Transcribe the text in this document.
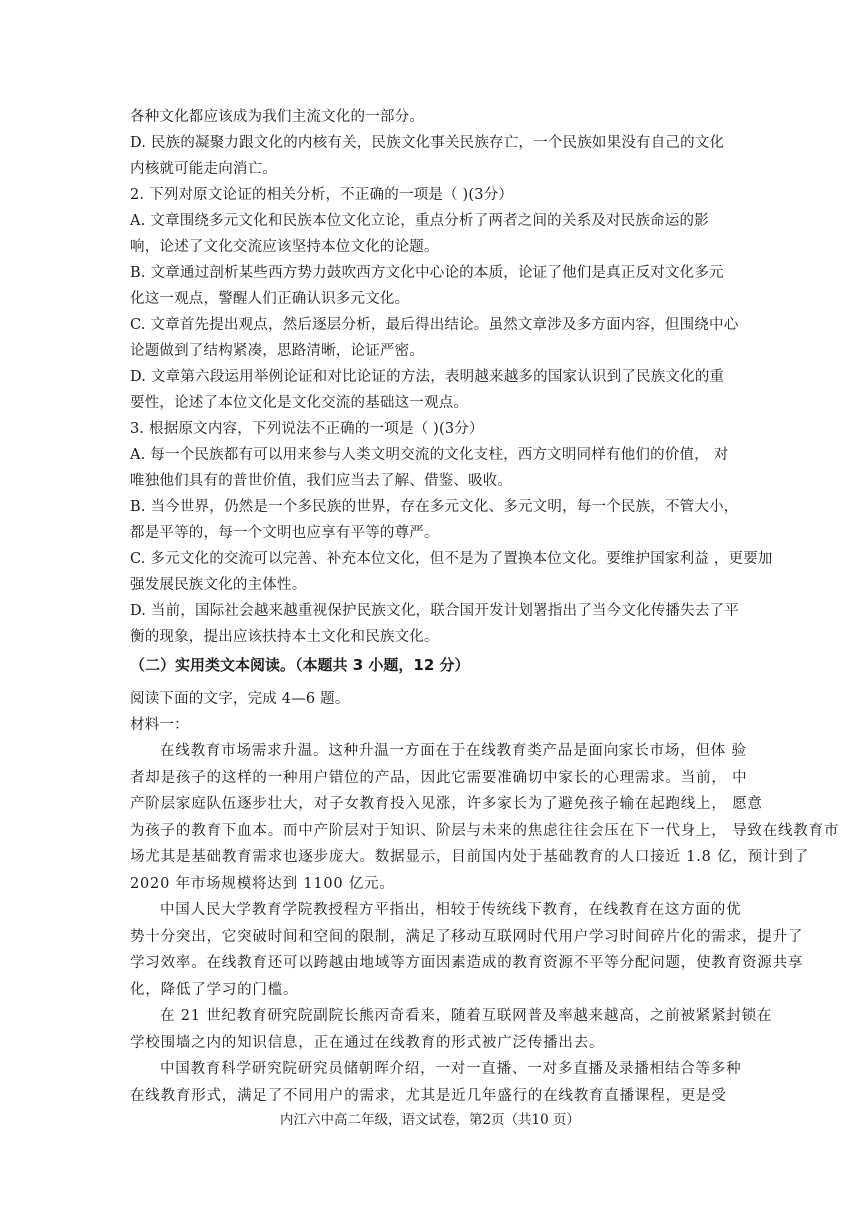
各种文化都应该成为我们主流文化的一部分。
D. 民族的凝聚力跟文化的内核有关，民族文化事关民族存亡，一个民族如果没有自己的文化
内核就可能走向消亡。
2. 下列对原文论证的相关分析，不正确的一项是（ )(3分）
A. 文章围绕多元文化和民族本位文化立论，重点分析了两者之间的关系及对民族命运的影
响，论述了文化交流应该坚持本位文化的论题。
B. 文章通过剖析某些西方势力鼓吹西方文化中心论的本质，论证了他们是真正反对文化多元
化这一观点，警醒人们正确认识多元文化。
C. 文章首先提出观点，然后逐层分析，最后得出结论。虽然文章涉及多方面内容，但围绕中心
论题做到了结构紧凑，思路清晰，论证严密。
D. 文章第六段运用举例论证和对比论证的方法，表明越来越多的国家认识到了民族文化的重
要性，论述了本位文化是文化交流的基础这一观点。
3. 根据原文内容，下列说法不正确的一项是（ )(3分）
A. 每一个民族都有可以用来参与人类文明交流的文化支柱，西方文明同样有他们的价值， 对
唯独他们具有的普世价值，我们应当去了解、借鉴、吸收。
B. 当今世界，仍然是一个多民族的世界，存在多元文化、多元文明，每一个民族，不管大小，
都是平等的，每一个文明也应享有平等的尊严。
C. 多元文化的交流可以完善、补充本位文化，但不是为了置换本位文化。要维护国家利益 ，更要加
强发展民族文化的主体性。
D. 当前，国际社会越来越重视保护民族文化，联合国开发计划署指出了当今文化传播失去了平
衡的现象，提出应该扶持本土文化和民族文化。
（二）实用类文本阅读。（本题共 3 小题，12 分）
阅读下面的文字，完成 4—6 题。
材料一：
在线教育市场需求升温。这种升温一方面在于在线教育类产品是面向家长市场，但体 验
者却是孩子的这样的一种用户错位的产品，因此它需要准确切中家长的心理需求。当前， 中
产阶层家庭队伍逐步壮大，对子女教育投入见涨，许多家长为了避免孩子输在起跑线上， 愿意
为孩子的教育下血本。而中产阶层对于知识、阶层与未来的焦虑往往会压在下一代身上， 导致在线教育市
场尤其是基础教育需求也逐步庞大。数据显示，目前国内处于基础教育的人口接近 1.8 亿，预计到了
2020 年市场规模将达到 1100 亿元。
中国人民大学教育学院教授程方平指出，相较于传统线下教育，在线教育在这方面的优
势十分突出，它突破时间和空间的限制，满足了移动互联网时代用户学习时间碎片化的需求，提升了
学习效率。在线教育还可以跨越由地域等方面因素造成的教育资源不平等分配问题，使教育资源共享
化，降低了学习的门槛。
在 21 世纪教育研究院副院长熊丙奇看来，随着互联网普及率越来越高，之前被紧紧封锁在
学校围墙之内的知识信息，正在通过在线教育的形式被广泛传播出去。
中国教育科学研究院研究员储朝晖介绍，一对一直播、一对多直播及录播相结合等多种
在线教育形式，满足了不同用户的需求，尤其是近几年盛行的在线教育直播课程，更是受
内江六中高二年级，语文试卷，第2页（共10 页）
